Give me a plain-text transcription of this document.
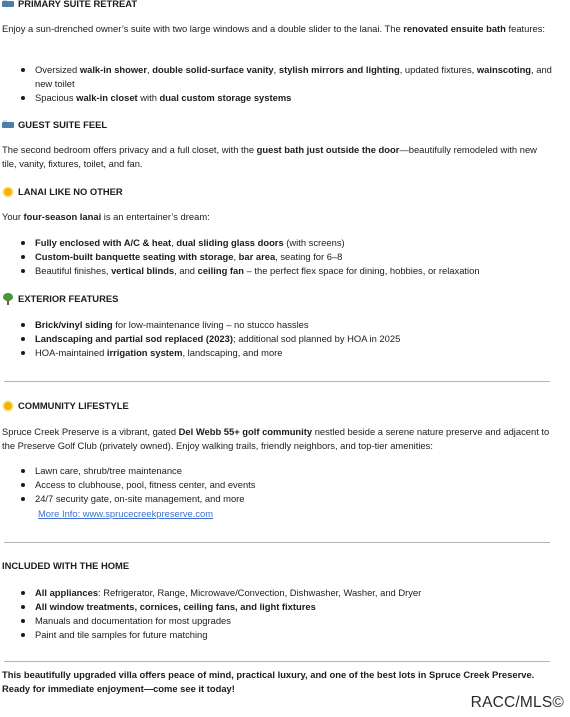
PRIMARY SUITE RETREAT
Enjoy a sun-drenched owner’s suite with two large windows and a double slider to the lanai. The renovated ensuite bath features:
Oversized walk-in shower, double solid-surface vanity, stylish mirrors and lighting, updated fixtures, wainscoting, and new toilet
Spacious walk-in closet with dual custom storage systems
GUEST SUITE FEEL
The second bedroom offers privacy and a full closet, with the guest bath just outside the door—beautifully remodeled with new tile, vanity, fixtures, toilet, and fan.
LANAI LIKE NO OTHER
Your four-season lanai is an entertainer’s dream:
Fully enclosed with A/C & heat, dual sliding glass doors (with screens)
Custom-built banquette seating with storage, bar area, seating for 6–8
Beautiful finishes, vertical blinds, and ceiling fan – the perfect flex space for dining, hobbies, or relaxation
EXTERIOR FEATURES
Brick/vinyl siding for low-maintenance living – no stucco hassles
Landscaping and partial sod replaced (2023); additional sod planned by HOA in 2025
HOA-maintained irrigation system, landscaping, and more
COMMUNITY LIFESTYLE
Spruce Creek Preserve is a vibrant, gated Del Webb 55+ golf community nestled beside a serene nature preserve and adjacent to the Preserve Golf Club (privately owned). Enjoy walking trails, friendly neighbors, and top-tier amenities:
Lawn care, shrub/tree maintenance
Access to clubhouse, pool, fitness center, and events
24/7 security gate, on-site management, and more
More Info: www.sprucecreekpreserve.com
INCLUDED WITH THE HOME
All appliances: Refrigerator, Range, Microwave/Convection, Dishwasher, Washer, and Dryer
All window treatments, cornices, ceiling fans, and light fixtures
Manuals and documentation for most upgrades
Paint and tile samples for future matching
This beautifully upgraded villa offers peace of mind, practical luxury, and one of the best lots in Spruce Creek Preserve. Ready for immediate enjoyment—come see it today!
RACC/MLS©
